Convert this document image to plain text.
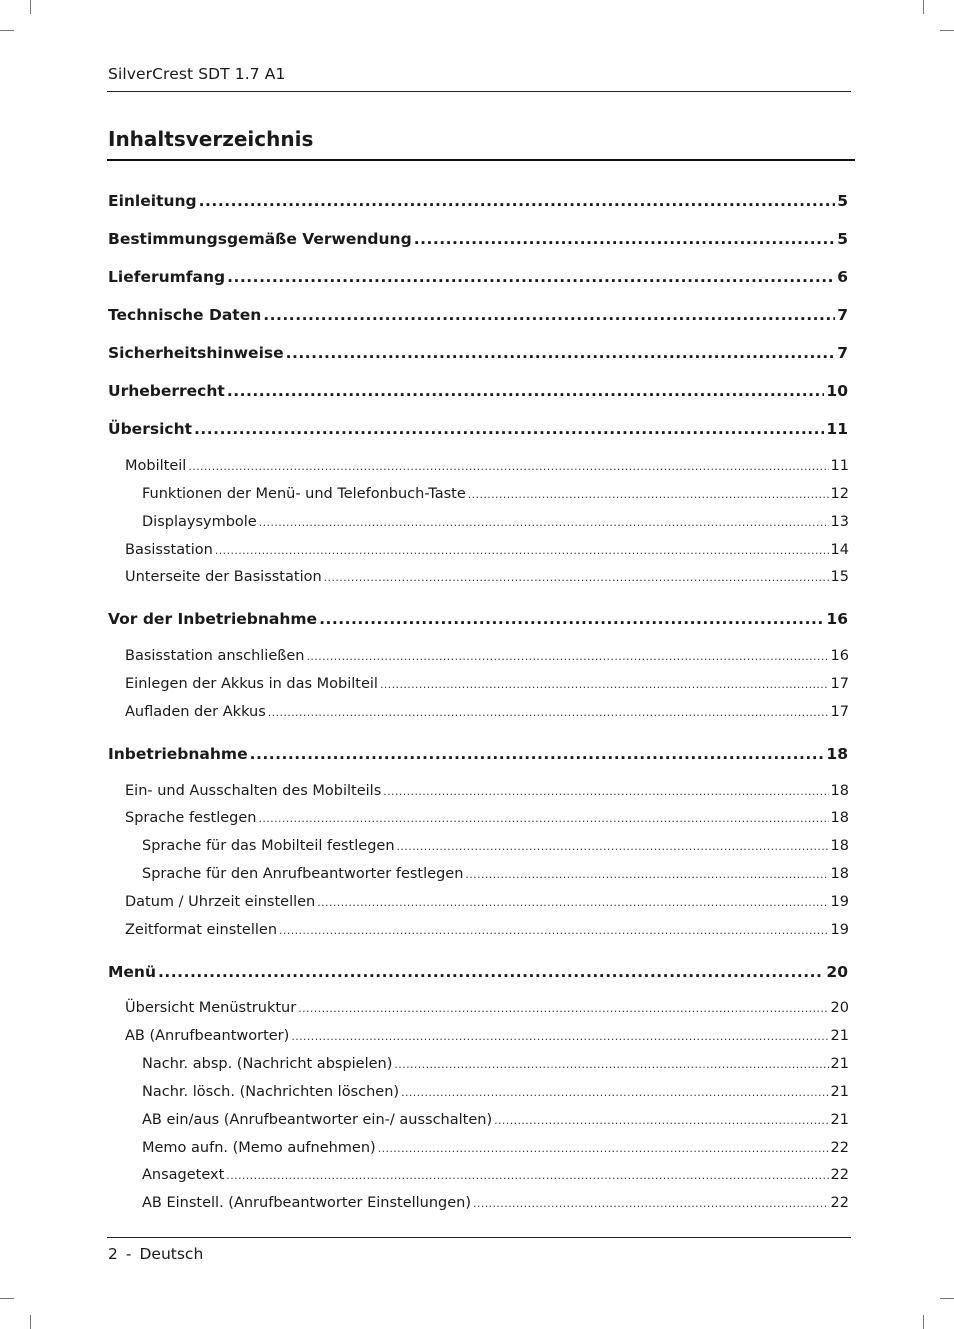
SilverCrest SDT 1.7 A1
Inhaltsverzeichnis
Einleitung .....	5
Bestimmungsgemäße Verwendung .....	5
Lieferumfang .....	6
Technische Daten .....	7
Sicherheitshinweise .....	7
Urheberrecht .....	10
Übersicht .....	11
Mobilteil .....	11
Funktionen der Menü- und Telefonbuch-Taste .....	12
Displaysymbole .....	13
Basisstation .....	14
Unterseite der Basisstation .....	15
Vor der Inbetriebnahme .....	16
Basisstation anschließen .....	16
Einlegen der Akkus in das Mobilteil .....	17
Aufladen der Akkus .....	17
Inbetriebnahme .....	18
Ein- und Ausschalten des Mobilteils .....	18
Sprache festlegen .....	18
Sprache für das Mobilteil festlegen .....	18
Sprache für den Anrufbeantworter festlegen .....	18
Datum / Uhrzeit einstellen .....	19
Zeitformat einstellen .....	19
Menü .....	20
Übersicht Menüstruktur .....	20
AB (Anrufbeantworter) .....	21
Nachr. absp. (Nachricht abspielen) .....	21
Nachr. lösch. (Nachrichten löschen) .....	21
AB ein/aus (Anrufbeantworter ein-/ ausschalten) .....	21
Memo aufn. (Memo aufnehmen) .....	22
Ansagetext .....	22
AB Einstell. (Anrufbeantworter Einstellungen) .....	22
2 - Deutsch
